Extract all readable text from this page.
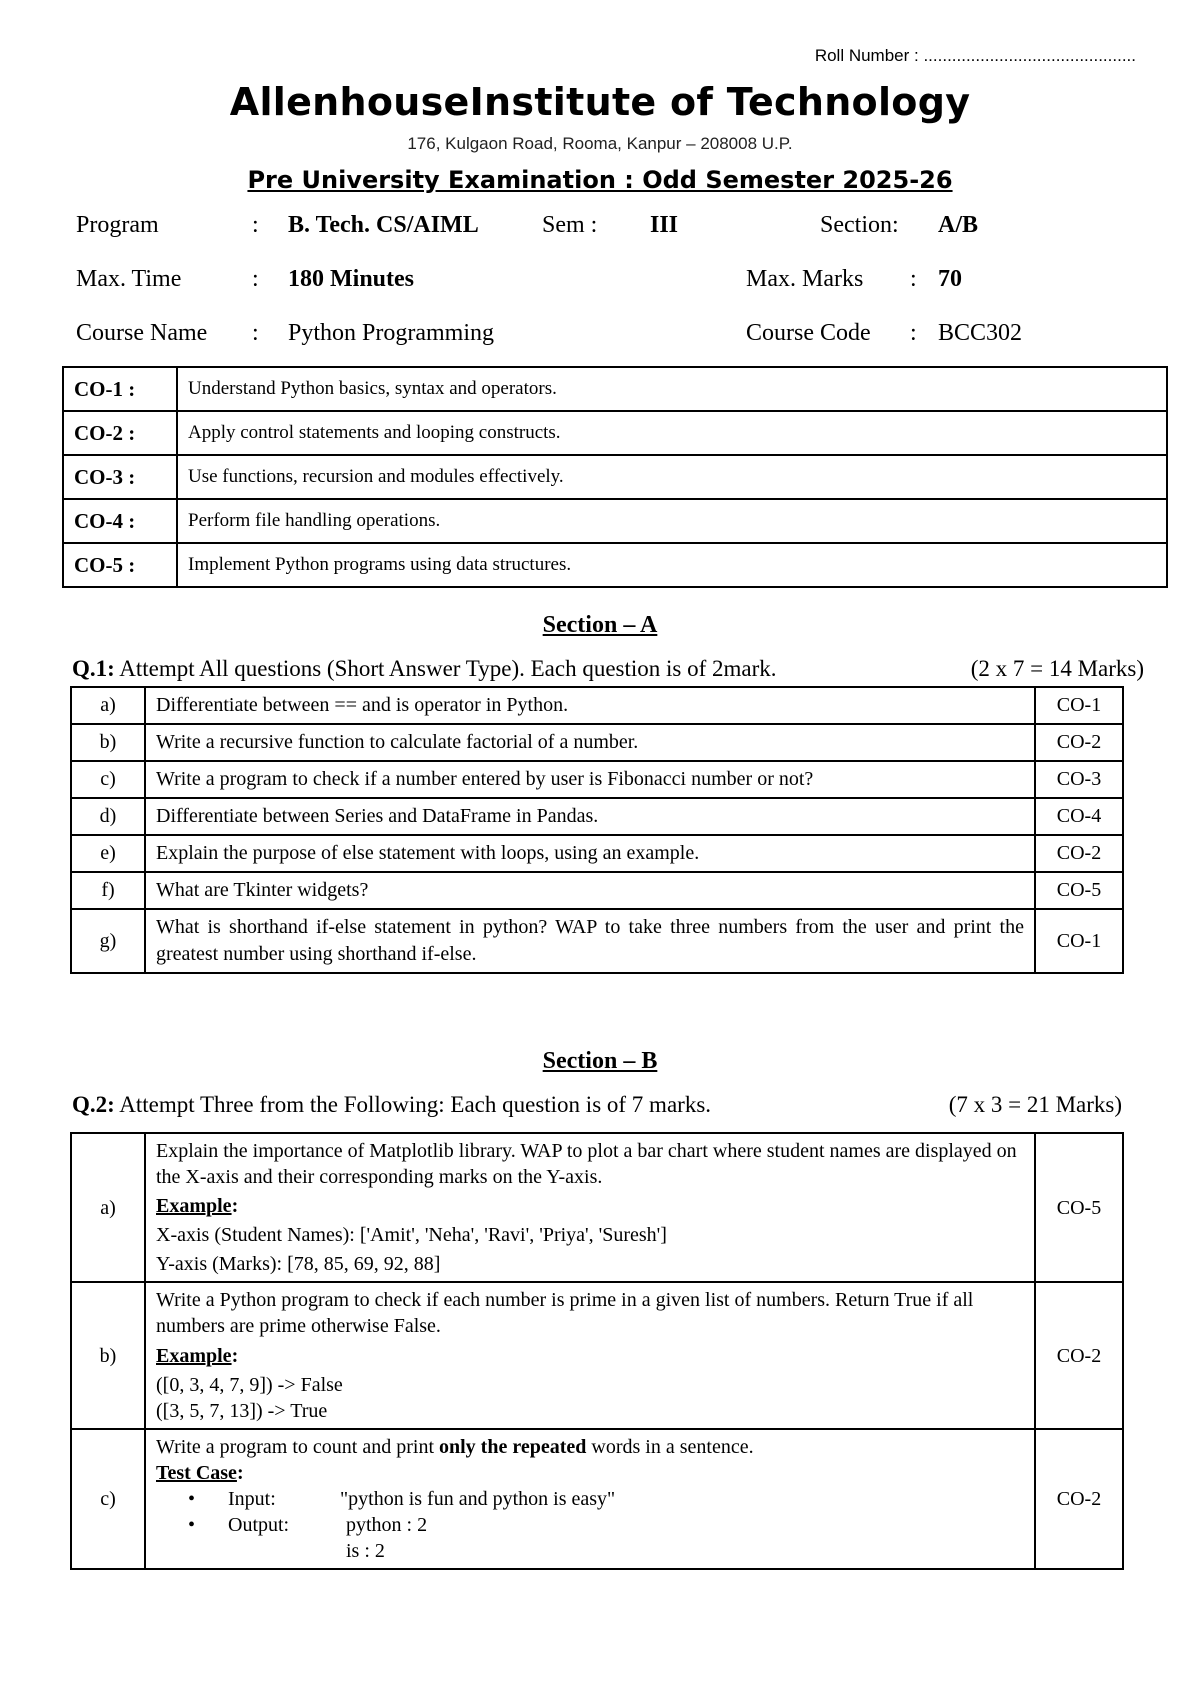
Roll Number : .............................................
AllenhouseInstitute of Technology
176, Kulgaon Road, Rooma, Kanpur – 208008 U.P.
Pre University Examination : Odd Semester 2025-26
Program	: B. Tech. CS/AIML	Sem : III	Section: A/B
Max. Time	: 180 Minutes	Max. Marks : 70
Course Name : Python Programming	Course Code : BCC302
CO-1 :	Understand Python basics, syntax and operators.
CO-2 :	Apply control statements and looping constructs.
CO-3 :	Use functions, recursion and modules effectively.
CO-4 :	Perform file handling operations.
CO-5 :	Implement Python programs using data structures.
Section – A
Q.1: Attempt All questions (Short Answer Type). Each question is of 2mark.	(2 x 7 = 14 Marks)
a)	Differentiate between == and is operator in Python.	CO-1
b)	Write a recursive function to calculate factorial of a number.	CO-2
c)	Write a program to check if a number entered by user is Fibonacci number or not?	CO-3
d)	Differentiate between Series and DataFrame in Pandas.	CO-4
e)	Explain the purpose of else statement with loops, using an example.	CO-2
f)	What are Tkinter widgets?	CO-5
g)	What is shorthand if-else statement in python? WAP to take three numbers from the user and print the greatest number using shorthand if-else.	CO-1
Section – B
Q.2: Attempt Three from the Following: Each question is of 7 marks.	(7 x 3 = 21 Marks)
a)	Explain the importance of Matplotlib library. WAP to plot a bar chart where student names are displayed on the X-axis and their corresponding marks on the Y-axis.
Example:
X-axis (Student Names): ['Amit', 'Neha', 'Ravi', 'Priya', 'Suresh']
Y-axis (Marks): [78, 85, 69, 92, 88]	CO-5
b)	Write a Python program to check if each number is prime in a given list of numbers. Return True if all numbers are prime otherwise False.
Example:
([0, 3, 4, 7, 9]) -> False
([3, 5, 7, 13]) -> True	CO-2
c)	Write a program to count and print only the repeated words in a sentence.
Test Case:
• Input: "python is fun and python is easy"
• Output: python : 2
is : 2	CO-2
